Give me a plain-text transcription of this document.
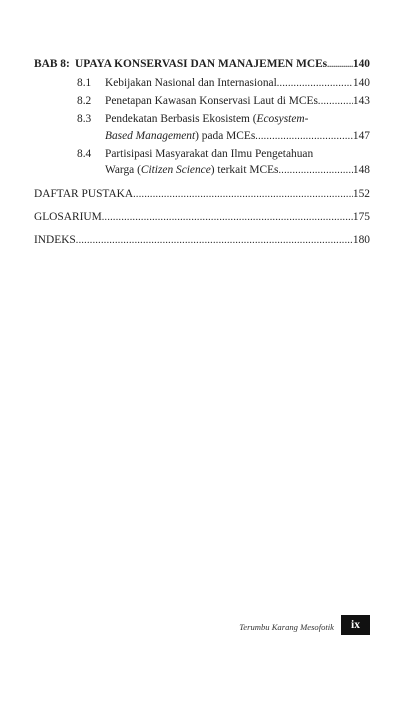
BAB 8: UPAYA KONSERVASI DAN MANAJEMEN MCEs ..... 140
8.1	Kebijakan Nasional dan Internasional .....	140
8.2	Penetapan Kawasan Konservasi Laut di MCEs .....	143
8.3	Pendekatan Berbasis Ekosistem (Ecosystem-
Based Management) pada MCEs .....	147
8.4	Partisipasi Masyarakat dan Ilmu Pengetahuan
Warga (Citizen Science) terkait MCEs .....	148
DAFTAR PUSTAKA .....	152
GLOSARIUM .....	175
INDEKS .....	180
Terumbu Karang Mesofotik	ix
